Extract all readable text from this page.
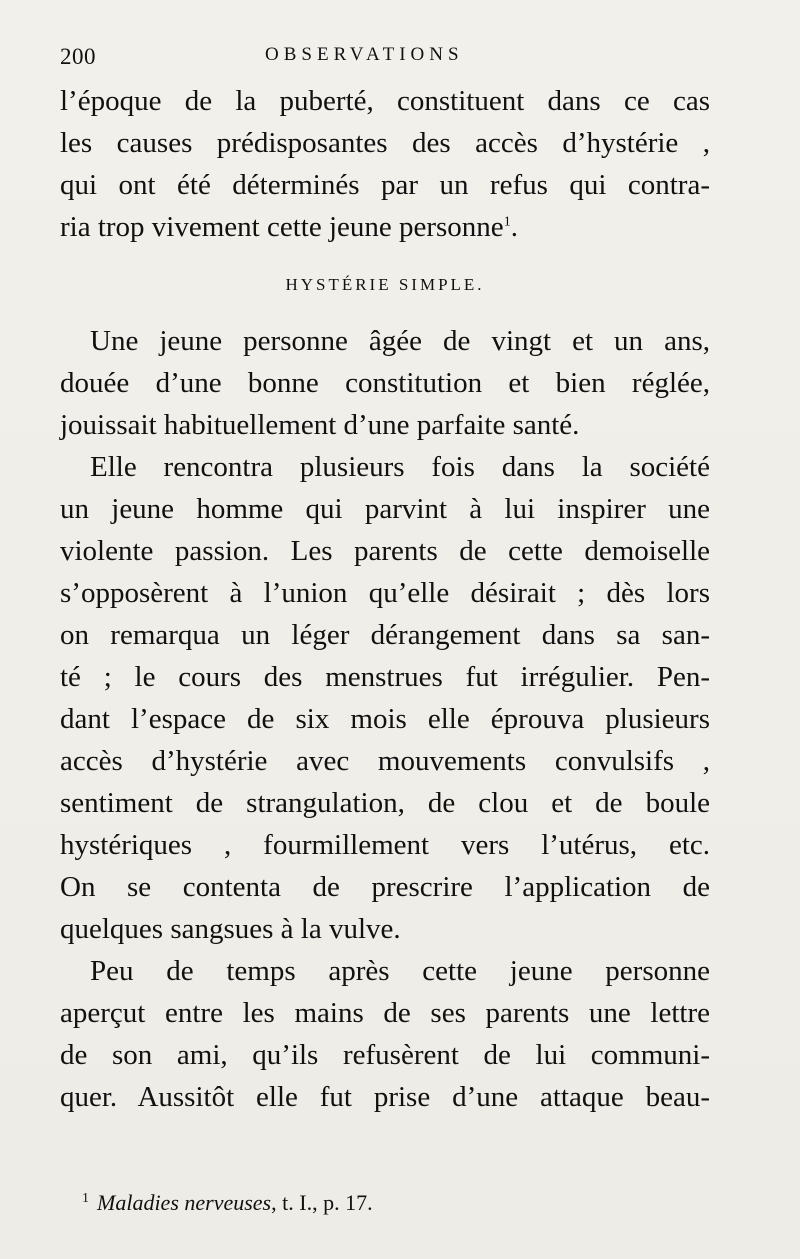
200	OBSERVATIONS
l’époque de la puberté, constituent dans ce cas
les causes prédisposantes des accès d’hystérie ,
qui ont été déterminés par un refus qui contra-
ria trop vivement cette jeune personne$^1$.
HYSTÉRIE SIMPLE.
Une jeune personne âgée de vingt et un ans,
douée d’une bonne constitution et bien réglée,
jouissait habituellement d’une parfaite santé.
Elle rencontra plusieurs fois dans la société
un jeune homme qui parvint à lui inspirer une
violente passion. Les parents de cette demoiselle
s’opposèrent à l’union qu’elle désirait ; dès lors
on remarqua un léger dérangement dans sa san-
té ; le cours des menstrues fut irrégulier. Pen-
dant l’espace de six mois elle éprouva plusieurs
accès d’hystérie avec mouvements convulsifs ,
sentiment de strangulation, de clou et de boule
hystériques , fourmillement vers l’utérus, etc.
On se contenta de prescrire l’application de
quelques sangsues à la vulve.
Peu de temps après cette jeune personne
aperçut entre les mains de ses parents une lettre
de son ami, qu’ils refusèrent de lui communi-
quer. Aussitôt elle fut prise d’une attaque beau-
$^1$ Maladies nerveuses, t. I., p. 17.
